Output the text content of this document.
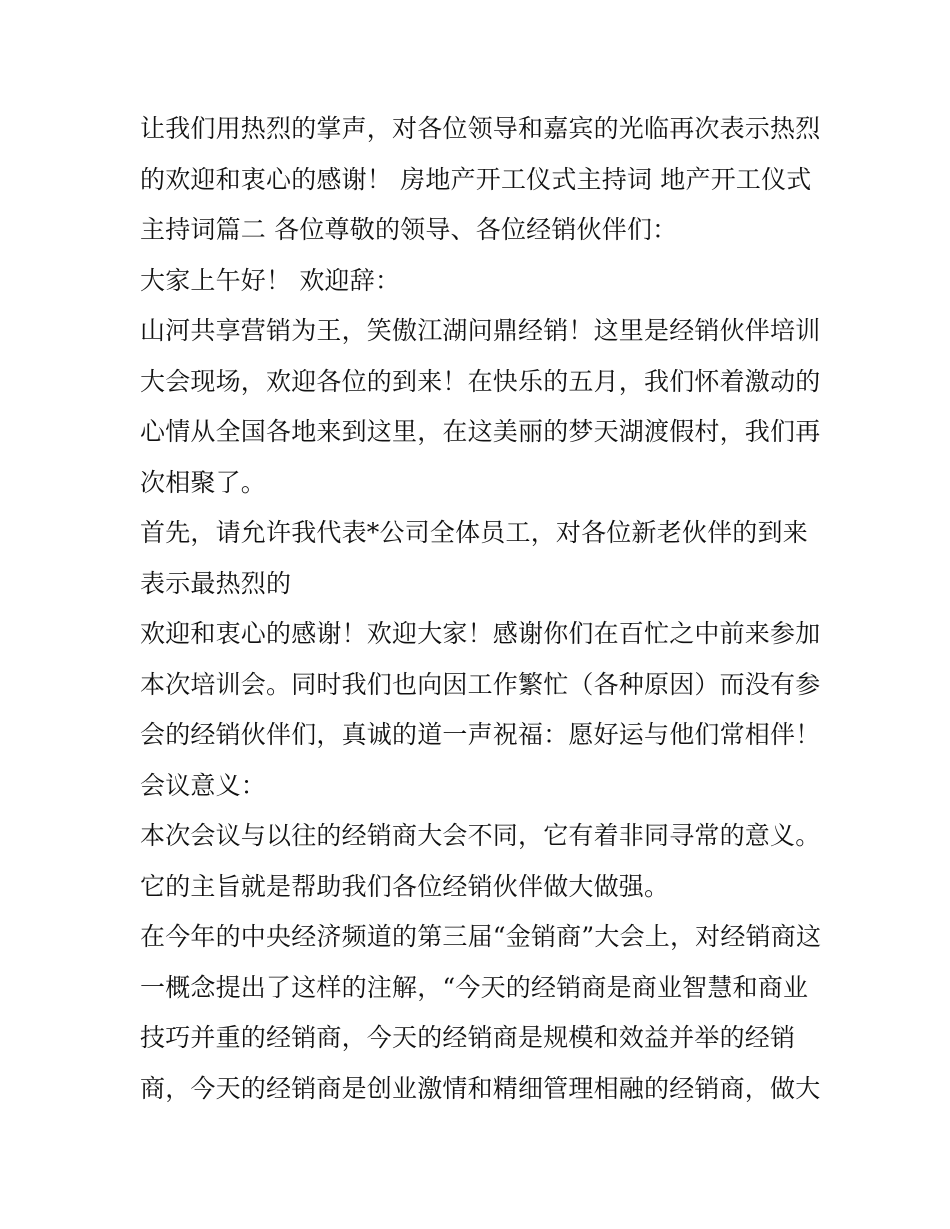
让我们用热烈的掌声，对各位领导和嘉宾的光临再次表示热烈
的欢迎和衷心的感谢！ 房地产开工仪式主持词 地产开工仪式
主持词篇二 各位尊敬的领导、各位经销伙伴们：
大家上午好！ 欢迎辞：
山河共享营销为王，笑傲江湖问鼎经销！这里是经销伙伴培训
大会现场，欢迎各位的到来！在快乐的五月，我们怀着激动的
心情从全国各地来到这里，在这美丽的梦天湖渡假村，我们再
次相聚了。
首先，请允许我代表*公司全体员工，对各位新老伙伴的到来
表示最热烈的
欢迎和衷心的感谢！欢迎大家！感谢你们在百忙之中前来参加
本次培训会。同时我们也向因工作繁忙（各种原因）而没有参
会的经销伙伴们，真诚的道一声祝福：愿好运与他们常相伴！
会议意义：
本次会议与以往的经销商大会不同，它有着非同寻常的意义。
它的主旨就是帮助我们各位经销伙伴做大做强。
在今年的中央经济频道的第三届“金销商”大会上，对经销商这
一概念提出了这样的注解，“今天的经销商是商业智慧和商业
技巧并重的经销商，今天的经销商是规模和效益并举的经销
商，今天的经销商是创业激情和精细管理相融的经销商，做大
